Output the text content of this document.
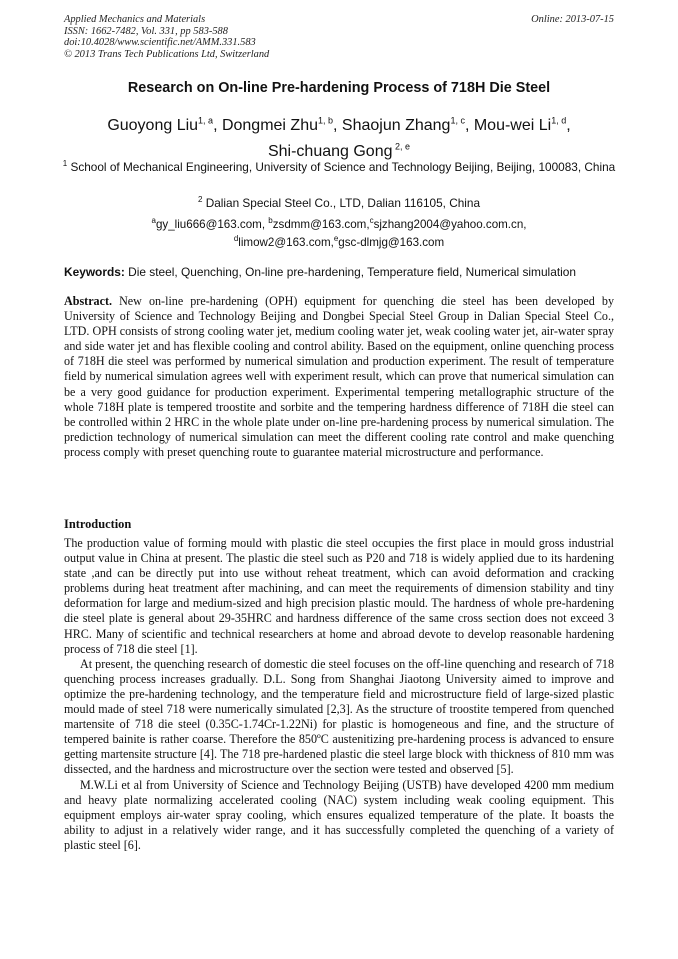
Applied Mechanics and Materials
ISSN: 1662-7482, Vol. 331, pp 583-588
doi:10.4028/www.scientific.net/AMM.331.583
© 2013 Trans Tech Publications Ltd, Switzerland
Online: 2013-07-15
Research on On-line Pre-hardening Process of 718H Die Steel
Guoyong Liu$^{1, a}$, Dongmei Zhu$^{1, b}$, Shaojun Zhang$^{1, c}$, Mou-wei Li$^{1, d}$,
Shi-chuang Gong $^{2, e}$
$^1$ School of Mechanical Engineering, University of Science and Technology Beijing, Beijing, 100083, China
$^2$ Dalian Special Steel Co., LTD, Dalian 116105, China
$^a$gy_liu666@163.com, $^b$zsdmm@163.com,$^c$sjzhang2004@yahoo.com.cn,
$^d$limow2@163.com,$^e$gsc-dlmjg@163.com
Keywords: Die steel, Quenching, On-line pre-hardening, Temperature field, Numerical simulation
Abstract. New on-line pre-hardening (OPH) equipment for quenching die steel has been developed by University of Science and Technology Beijing and Dongbei Special Steel Group in Dalian Special Steel Co., LTD. OPH consists of strong cooling water jet, medium cooling water jet, weak cooling water jet, air-water spray and side water jet and has flexible cooling and control ability. Based on the equipment, online quenching process of 718H die steel was performed by numerical simulation and production experiment. The result of temperature field by numerical simulation agrees well with experiment result, which can prove that numerical simulation can be a very good guidance for production experiment. Experimental tempering metallographic structure of the whole 718H plate is tempered troostite and sorbite and the tempering hardness difference of 718H die steel can be controlled within 2 HRC in the whole plate under on-line pre-hardening process by numerical simulation. The prediction technology of numerical simulation can meet the different cooling rate control and make quenching process comply with preset quenching route to guarantee material microstructure and performance.
Introduction

The production value of forming mould with plastic die steel occupies the first place in mould gross industrial output value in China at present. The plastic die steel such as P20 and 718 is widely applied due to its hardening state ,and can be directly put into use without reheat treatment, which can avoid deformation and cracking problems during heat treatment after machining, and can meet the requirements of dimension stability and tiny deformation for large and medium-sized and high precision plastic mould. The hardness of whole pre-hardening die steel plate is general about 29-35HRC and hardness difference of the same cross section does not exceed 3 HRC. Many of scientific and technical researchers at home and abroad devote to develop reasonable hardening process of 718 die steel [1].

At present, the quenching research of domestic die steel focuses on the off-line quenching and research of 718 quenching process increases gradually. D.L. Song from Shanghai Jiaotong University aimed to improve and optimize the pre-hardening technology, and the temperature field and microstructure field of large-sized plastic mould made of steel 718 were numerically simulated [2,3]. As the structure of troostite tempered from quenched martensite of 718 die steel (0.35C-1.74Cr-1.22Ni) for plastic is homogeneous and fine, and the structure of tempered bainite is rather coarse. Therefore the 850ºC austenitizing pre-hardening process is advanced to ensure getting martensite structure [4]. The 718 pre-hardened plastic die steel large block with thickness of 810 mm was dissected, and the hardness and microstructure over the section were tested and observed [5].

M.W.Li et al from University of Science and Technology Beijing (USTB) have developed 4200 mm medium and heavy plate normalizing accelerated cooling (NAC) system including weak cooling equipment. This equipment employs air-water spray cooling, which ensures equalized temperature of the plate. It boasts the ability to adjust in a relatively wider range, and it has successfully completed the quenching of a variety of plastic steel [6].
